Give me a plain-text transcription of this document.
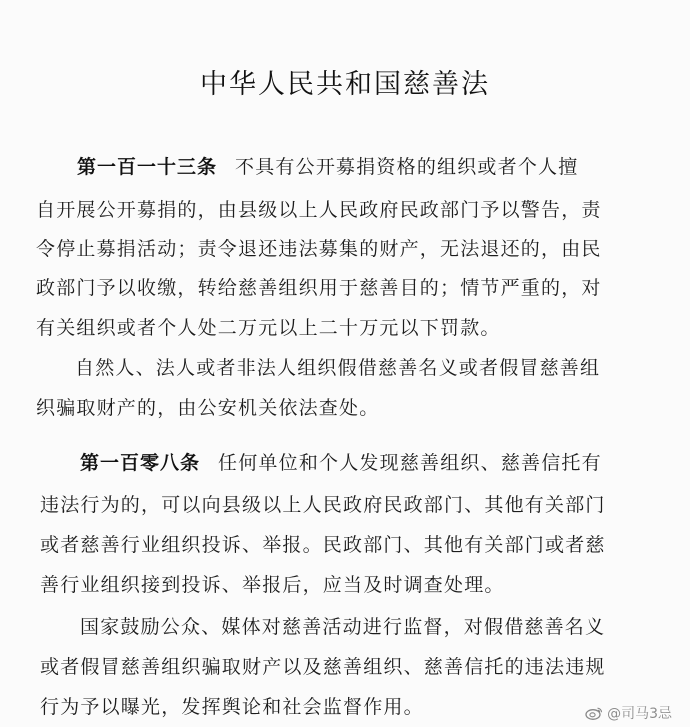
中华人民共和国慈善法
第一百一十三条 不具有公开募捐资格的组织或者个人擅
自开展公开募捐的，由县级以上人民政府民政部门予以警告，责
令停止募捐活动；责令退还违法募集的财产，无法退还的，由民
政部门予以收缴，转给慈善组织用于慈善目的；情节严重的，对
有关组织或者个人处二万元以上二十万元以下罚款。
自然人、法人或者非法人组织假借慈善名义或者假冒慈善组
织骗取财产的，由公安机关依法查处。
第一百零八条 任何单位和个人发现慈善组织、慈善信托有
违法行为的，可以向县级以上人民政府民政部门、其他有关部门
或者慈善行业组织投诉、举报。民政部门、其他有关部门或者慈
善行业组织接到投诉、举报后，应当及时调查处理。
国家鼓励公众、媒体对慈善活动进行监督，对假借慈善名义
或者假冒慈善组织骗取财产以及慈善组织、慈善信托的违法违规
行为予以曝光，发挥舆论和社会监督作用。	@司马3忌
